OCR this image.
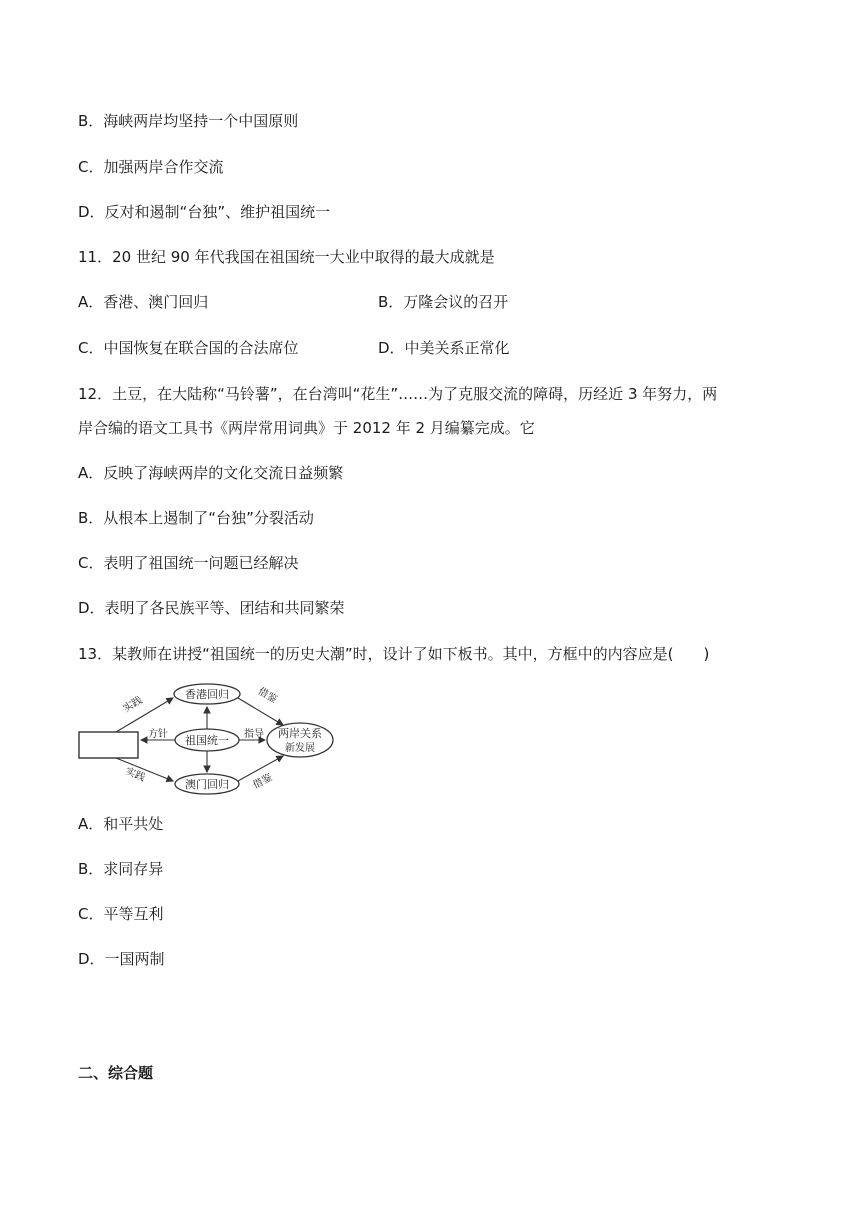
B．海峡两岸均坚持一个中国原则
C．加强两岸合作交流
D．反对和遏制“台独”、维护祖国统一
11．20 世纪 90 年代我国在祖国统一大业中取得的最大成就是
A．香港、澳门回归	B．万隆会议的召开
C．中国恢复在联合国的合法席位	D．中美关系正常化
12．土豆，在大陆称“马铃薯”，在台湾叫“花生”……为了克服交流的障碍，历经近 3 年努力，两
岸合编的语文工具书《两岸常用词典》于 2012 年 2 月编纂完成。它
A．反映了海峡两岸的文化交流日益频繁
B．从根本上遏制了“台独”分裂活动
C．表明了祖国统一问题已经解决
D．表明了各民族平等、团结和共同繁荣
13．某教师在讲授“祖国统一的历史大潮”时，设计了如下板书。其中，方框中的内容应是(　　)
香港回归
祖国统一
澳门回归
两岸关系
新发展
实践
实践
方针	指导
借鉴
借鉴
A．和平共处
B．求同存异
C．平等互利
D．一国两制
二、综合题
